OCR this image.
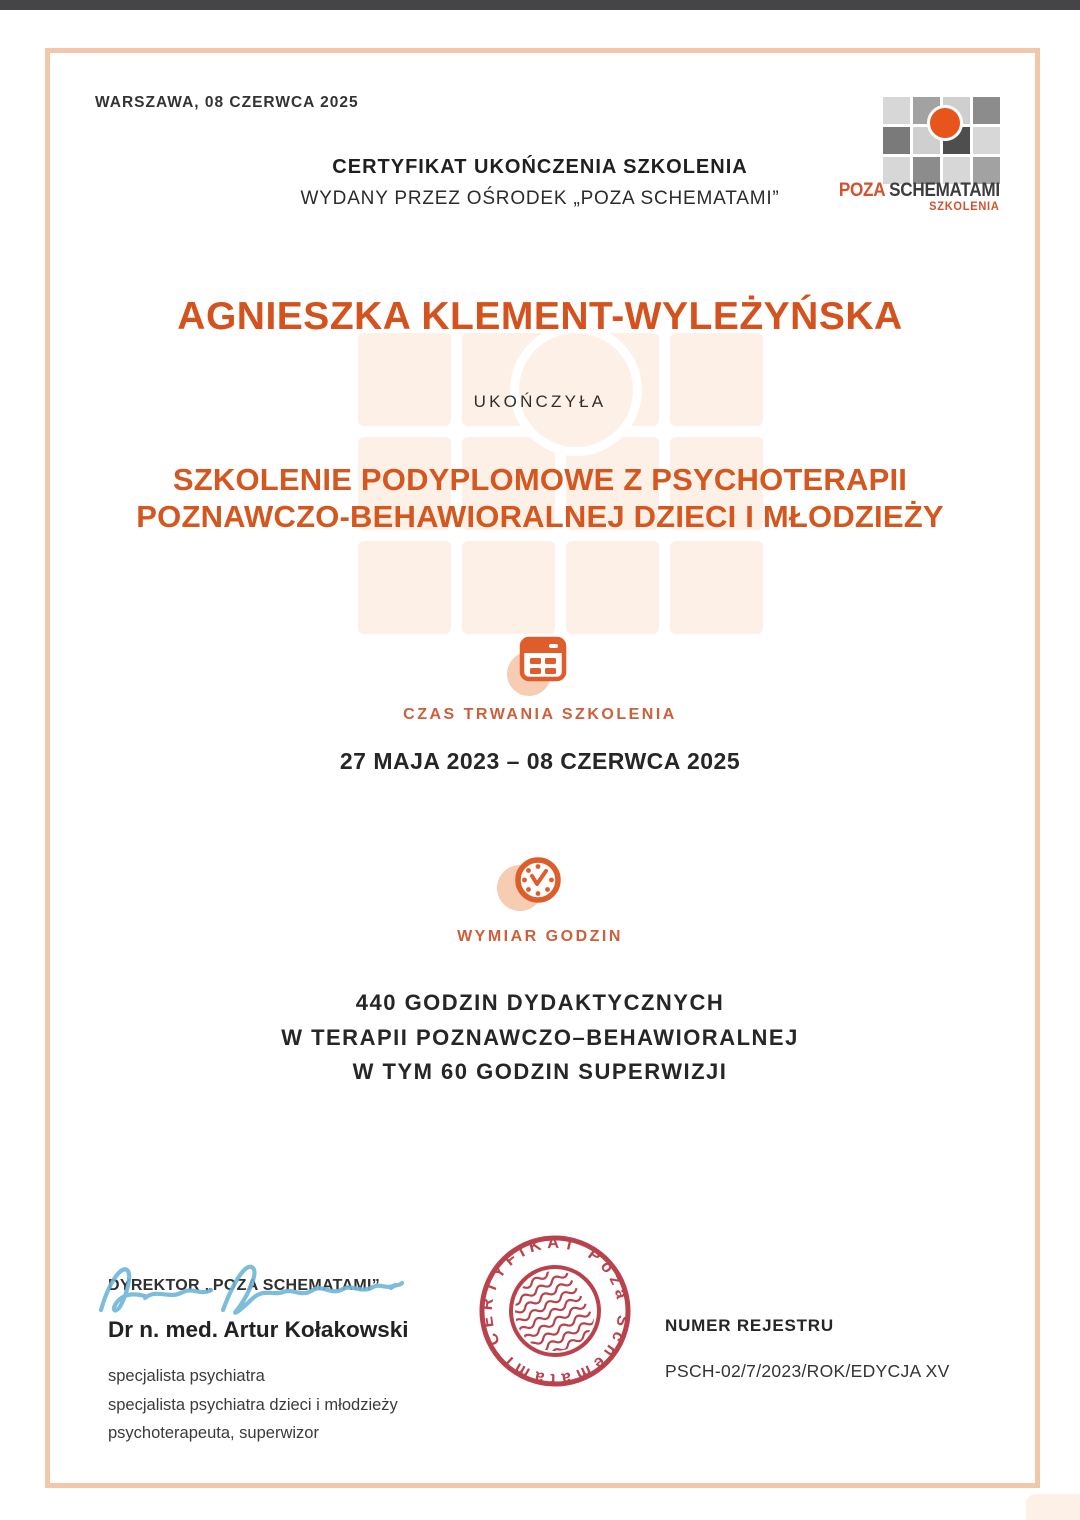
WARSZAWA, 08 CZERWCA 2025
CERTYFIKAT UKOŃCZENIA SZKOLENIA
WYDANY PRZEZ OŚRODEK „POZA SCHEMATAMI”	POZA SCHEMATAMI
SZKOLENIA
AGNIESZKA KLEMENT-WYLEŻYŃSKA
UKOŃCZYŁA
SZKOLENIE PODYPLOMOWE Z PSYCHOTERAPII
POZNAWCZO-BEHAWIORALNEJ DZIECI I MŁODZIEŻY
CZAS TRWANIA SZKOLENIA
27 MAJA 2023 – 08 CZERWCA 2025
WYMIAR GODZIN
440 GODZIN DYDAKTYCZNYCH
W TERAPII POZNAWCZO–BEHAWIORALNEJ
W TYM 60 GODZIN SUPERWIZJI
DYREKTOR „POZA SCHEMATAMI”
Dr n. med. Artur Kołakowski
specjalista psychiatra
specjalista psychiatra dzieci i młodzieży
psychoterapeuta, superwizor
CERTYFIKAT Poza Schematami
NUMER REJESTRU
PSCH-02/7/2023/ROK/EDYCJA XV
